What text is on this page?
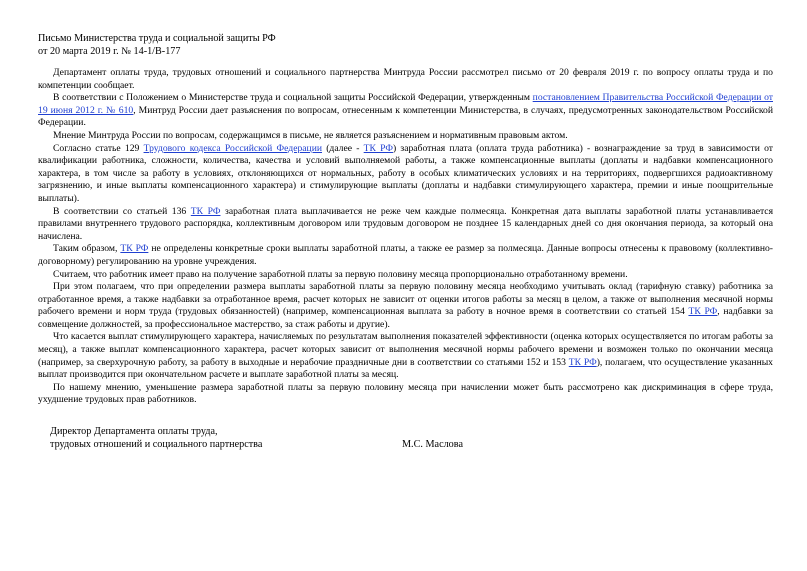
Письмо Министерства труда и социальной защиты РФ
от 20 марта 2019 г. № 14-1/В-177

Департамент оплаты труда, трудовых отношений и социального партнерства Минтруда России рассмотрел письмо от 20 февраля 2019 г. по вопросу оплаты труда и по компетенции сообщает.

В соответствии с Положением о Министерстве труда и социальной защиты Российской Федерации, утвержденным постановлением Правительства Российской Федерации от 19 июня 2012 г. № 610, Минтруд России дает разъяснения по вопросам, отнесенным к компетенции Министерства, в случаях, предусмотренных законодательством Российской Федерации.

Мнение Минтруда России по вопросам, содержащимся в письме, не является разъяснением и нормативным правовым актом.

Согласно статье 129 Трудового кодекса Российской Федерации (далее - ТК РФ) заработная плата (оплата труда работника) - вознаграждение за труд в зависимости от квалификации работника, сложности, количества, качества и условий выполняемой работы, а также компенсационные выплаты (доплаты и надбавки компенсационного характера, в том числе за работу в условиях, отклоняющихся от нормальных, работу в особых климатических условиях и на территориях, подвергшихся радиоактивному загрязнению, и иные выплаты компенсационного характера) и стимулирующие выплаты (доплаты и надбавки стимулирующего характера, премии и иные поощрительные выплаты).

В соответствии со статьей 136 ТК РФ заработная плата выплачивается не реже чем каждые полмесяца. Конкретная дата выплаты заработной платы устанавливается правилами внутреннего трудового распорядка, коллективным договором или трудовым договором не позднее 15 календарных дней со дня окончания периода, за который она начислена.

Таким образом, ТК РФ не определены конкретные сроки выплаты заработной платы, а также ее размер за полмесяца. Данные вопросы отнесены к правовому (коллективно-договорному) регулированию на уровне учреждения.

Считаем, что работник имеет право на получение заработной платы за первую половину месяца пропорционально отработанному времени.

При этом полагаем, что при определении размера выплаты заработной платы за первую половину месяца необходимо учитывать оклад (тарифную ставку) работника за отработанное время, а также надбавки за отработанное время, расчет которых не зависит от оценки итогов работы за месяц в целом, а также от выполнения месячной нормы рабочего времени и норм труда (трудовых обязанностей) (например, компенсационная выплата за работу в ночное время в соответствии со статьей 154 ТК РФ, надбавки за совмещение должностей, за профессиональное мастерство, за стаж работы и другие).

Что касается выплат стимулирующего характера, начисляемых по результатам выполнения показателей эффективности (оценка которых осуществляется по итогам работы за месяц), а также выплат компенсационного характера, расчет которых зависит от выполнения месячной нормы рабочего времени и возможен только по окончании месяца (например, за сверхурочную работу, за работу в выходные и нерабочие праздничные дни в соответствии со статьями 152 и 153 ТК РФ), полагаем, что осуществление указанных выплат производится при окончательном расчете и выплате заработной платы за месяц.

По нашему мнению, уменьшение размера заработной платы за первую половину месяца при начислении может быть рассмотрено как дискриминация в сфере труда, ухудшение трудовых прав работников.

Директор Департамента оплаты труда,
трудовых отношений и социального партнерства	М.С. Маслова
